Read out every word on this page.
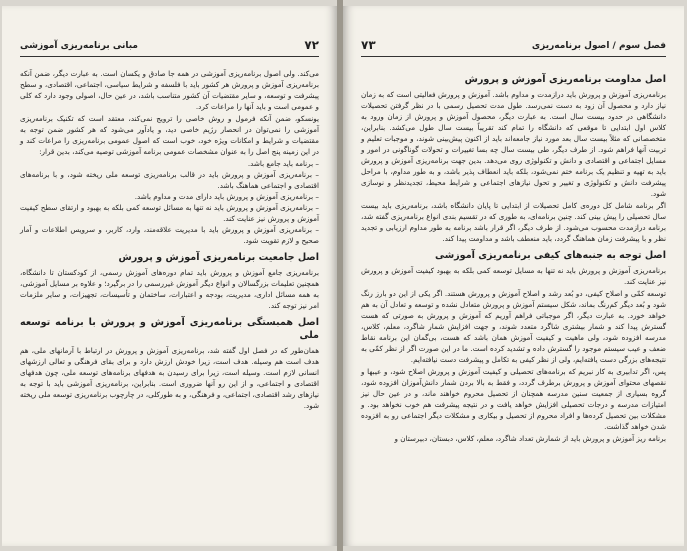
مبانی برنامه‌ریزی آموزشی	۷۲

می‌کند. ولی اصول برنامه‌ریزی آموزشی در همه جا صادق و یکسان است. به عبارت دیگر، ضمن آنکه برنامه‌ریزی آموزش و پرورش هر کشور باید با فلسفه و شرایط سیاسی، اجتماعی، اقتصادی، و سطح پیشرفت و توسعه، و سایر مقتضیات آن کشور متناسب باشد، در عین حال، اصولی وجود دارد که کلی و عمومی است و باید آنها را مراعات کرد.

یونسکو، ضمن آنکه فرمول و روش خاصی را ترویج نمی‌کند، معتقد است که تکنیک برنامه‌ریزی آموزشی را نمی‌توان در انحصار رژیم خاصی دید، و یادآور می‌شود که هر کشور ضمن توجه به مقتضیات و شرایط و امکانات ویژه خود، خوب است که اصول عمومی برنامه‌ریزی را مراعات کند و در این زمینه پنج اصل را به عنوان مشخصات عمومی برنامه آموزشی توصیه می‌کند، بدین قرار:

– برنامه باید جامع باشد.
– برنامه‌ریزی آموزش و پرورش باید در قالب برنامه‌ریزی توسعه ملی ریخته شود، و با برنامه‌های اقتصادی و اجتماعی هماهنگ باشد.
– برنامه‌ریزی آموزش و پرورش باید دارای مدت و مداوم باشد.
– برنامه‌ریزی آموزش و پرورش باید نه تنها به مسائل توسعه کمی بلکه به بهبود و ارتقای سطح کیفیت آموزش و پرورش نیز عنایت کند.
– برنامه‌ریزی آموزش و پرورش باید با مدیریت علاقه‌مند، وارد، کاربر، و سرویس اطلاعات و آمار صحیح و لازم تقویت شود.
اصل جامعیت برنامه‌ریزی آموزش و پرورش

برنامه‌ریزی جامع آموزش و پرورش باید تمام دوره‌های آموزش رسمی، از کودکستان تا دانشگاه، همچنین تعلیمات بزرگسالان و انواع دیگر آموزش غیررسمی را در برگیرد؛ و علاوه بر مسایل آموزشی، به همه مسائل اداری، مدیریت، بودجه و اعتبارات، ساختمان و تأسیسات، تجهیزات، و سایر ملزمات امر نیز توجه کند.

اصل همبستگی برنامه‌ریزی آموزش و پرورش با برنامه توسعه ملی

همان‌طور که در فصل اول گفته شد، برنامه‌ریزی آموزش و پرورش در ارتباط با آرمانهای ملی، هم هدف است هم وسیله. هدف است، زیرا خودش ارزش دارد و برای بقای فرهنگی و تعالی ارزشهای انسانی لازم است. وسیله است، زیرا برای رسیدن به هدفهای برنامه‌های توسعه ملی، چون هدفهای اقتصادی و اجتماعی، و از این رو آنها ضروری است. بنابراین، برنامه‌ریزی آموزشی باید با توجه به نیازهای رشد اقتصادی، اجتماعی، و فرهنگی، و به طورکلی، در چارچوب برنامه‌ریزی توسعه ملی ریخته شود.

فصل سوم / اصول برنامه‌ریزی
۷۳
اصل مداومت برنامه‌ریزی آموزش و پرورش

برنامه‌ریزی آموزش و پرورش باید درازمدت و مداوم باشد. آموزش و پرورش فعالیتی است که به زمان نیاز دارد و محصول آن زود به دست نمی‌رسد. طول مدت تحصیل رسمی با در نظر گرفتن تحصیلات دانشگاهی در حدود بیست سال است. به عبارت دیگر، محصول آموزش و پرورش از زمان ورود به کلاس اول ابتدایی تا موقعی که دانشگاه را تمام کند تقریباً بیست سال طول می‌کشد. بنابراین، متخصصانی که مثلاً بیست سال بعد مورد نیاز جامعه‌اند باید از اکنون پیش‌بینی شوند، و موجبات تعلیم و تربیت آنها فراهم شود. از طرف دیگر، طی بیست سال چه بسا تغییرات و تحولات گوناگونی در امور و مسایل اجتماعی و اقتصادی و دانش و تکنولوژی روی می‌دهد. بدین جهت برنامه‌ریزی آموزش و پرورش باید به تهیه و تنظیم یک برنامه ختم نمی‌شود، بلکه باید انعطاف پذیر باشد، و به طور مداوم، با مراحل پیشرفت دانش و تکنولوژی و تغییر و تحول نیازهای اجتماعی و شرایط محیط، تجدیدنظر و نوسازی شود.

اگر برنامه شامل کل دوره‌ی کامل تحصیلات از ابتدایی تا پایان دانشگاه باشد، برنامه‌ریزی باید بیست سال تحصیلی را پیش بینی کند. چنین برنامه‌ای، به طوری که در تقسیم بندی انواع برنامه‌ریزی گفته شد، برنامه درازمدت محسوب می‌شود. از طرف دیگر، اگر قرار باشد برنامه به طور مداوم ارزیابی و تجدید نظر و با پیشرفت زمان هماهنگ گردد، باید منعطف باشد و مداومت پیدا کند.

اصل توجه به جنبه‌های کیفی برنامه‌ریزی آموزشی

برنامه‌ریزی آموزش و پرورش باید نه تنها به مسایل توسعه کمی بلکه به بهبود کیفیت آموزش و پرورش نیز عنایت کند.

توسعه کمّی و اصلاح کیفی، دو بُعد رشد و اصلاح آموزش و پرورش هستند. اگر یکی از این دو بارز رنگ شود و بُعد دیگر کم‌رنگ بماند، شکل سیستم آموزش و پرورش متعادل نشده و توسعه و تعادل آن به هم خواهد خورد. به عبارت دیگر، اگر موجباتی فراهم آوریم که آموزش و پرورش به صورتی که هست گسترش پیدا کند و شمار بیشتری شاگرد متعدد شوند، و جهت افزایش شمار شاگرد، معلم، کلاس، مدرسه افزوده شود، ولی ماهیت و کیفیت آموزش همان باشد که هست، بی‌گمان این برنامه نقاط ضعف و عیب سیستم موجود را گسترش داده و تشدید کرده است. ما در این صورت اگر از نظر کمّی به نتیجه‌های بزرگی دست یافته‌ایم، ولی از نظر کیفی به تکامل و پیشرفت دست نیافته‌ایم.

پس، اگر تدابیری به کار نبریم که برنامه‌های تحصیلی و کیفیت آموزش و پرورش اصلاح شود، و عیبها و نقصهای محتوای آموزش و پرورش برطرف گردد، و فقط به بالا بردن شمار دانش‌آموزان افزوده شود، گروه بسیاری از جمعیت سنین مدرسه همچنان از تحصیل محروم خواهند ماند، و در عین حال نیز امتیازات مدرسه و درجات تحصیلی افزایش خواهد یافت و در نتیجه پیشرفت هم خوب نخواهد بود. و مشکلات بین تحصیل کرده‌ها و افراد محروم از تحصیل و بیکاری و مشکلات دیگر اجتماعی رو به افزوده شدن خواهد گذاشت.

برنامه ریز آموزش و پرورش باید از شمارش تعداد شاگرد، معلم، کلاس، دبستان، دبیرستان و
